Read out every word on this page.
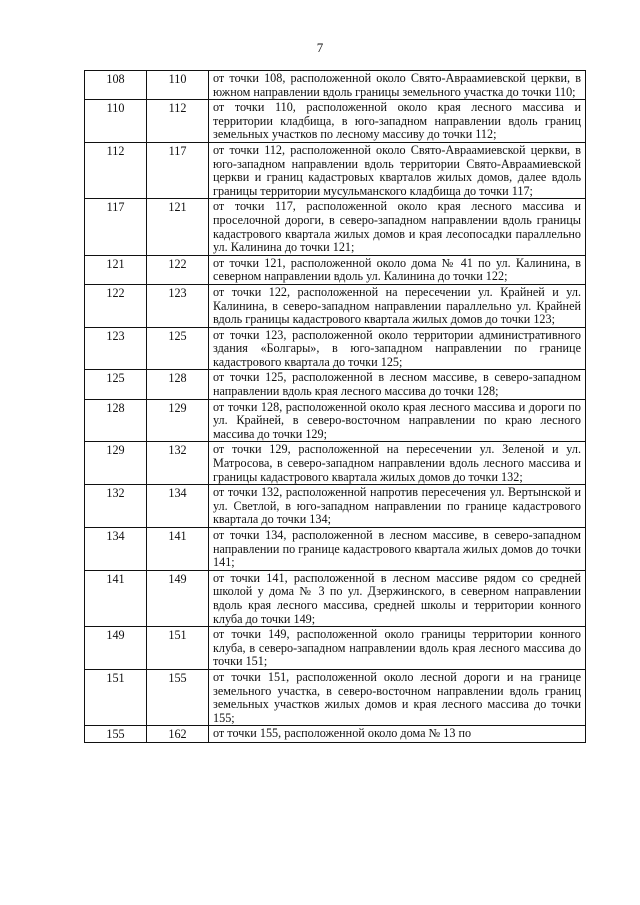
7
108	110	от точки 108, расположенной около Свято-Авраамиевской церкви, в южном направлении вдоль границы земельного участка до точки 110;
110	112	от точки 110, расположенной около края лесного массива и территории кладбища, в юго-западном направлении вдоль границ земельных участков по лесному массиву до точки 112;
112	117	от точки 112, расположенной около Свято-Авраамиевской церкви, в юго-западном направлении вдоль территории Свято-Авраамиевской церкви и границ кадастровых кварталов жилых домов, далее вдоль границы территории мусульманского кладбища до точки 117;
117	121	от точки 117, расположенной около края лесного массива и проселочной дороги, в северо-западном направлении вдоль границы кадастрового квартала жилых домов и края лесопосадки параллельно ул. Калинина до точки 121;
121	122	от точки 121, расположенной около дома № 41 по ул. Калинина, в северном направлении вдоль ул. Калинина до точки 122;
122	123	от точки 122, расположенной на пересечении ул. Крайней и ул. Калинина, в северо-западном направлении параллельно ул. Крайней вдоль границы кадастрового квартала жилых домов до точки 123;
123	125	от точки 123, расположенной около территории административного здания «Болгары», в юго-западном направлении по границе кадастрового квартала до точки 125;
125	128	от точки 125, расположенной в лесном массиве, в северо-западном направлении вдоль края лесного массива до точки 128;
128	129	от точки 128, расположенной около края лесного массива и дороги по ул. Крайней, в северо-восточном направлении по краю лесного массива до точки 129;
129	132	от точки 129, расположенной на пересечении ул. Зеленой и ул. Матросова, в северо-западном направлении вдоль лесного массива и границы кадастрового квартала жилых домов до точки 132;
132	134	от точки 132, расположенной напротив пересечения ул. Вертынской и ул. Светлой, в юго-западном направлении по границе кадастрового квартала до точки 134;
134	141	от точки 134, расположенной в лесном массиве, в северо-западном направлении по границе кадастрового квартала жилых домов до точки 141;
141	149	от точки 141, расположенной в лесном массиве рядом со средней школой у дома № 3 по ул. Дзержинского, в северном направлении вдоль края лесного массива, средней школы и территории конного клуба до точки 149;
149	151	от точки 149, расположенной около границы территории конного клуба, в северо-западном направлении вдоль края лесного массива до точки 151;
151	155	от точки 151, расположенной около лесной дороги и на границе земельного участка, в северо-восточном направлении вдоль границ земельных участков жилых домов и края лесного массива до точки 155;
155	162	от точки 155, расположенной около дома № 13 по
